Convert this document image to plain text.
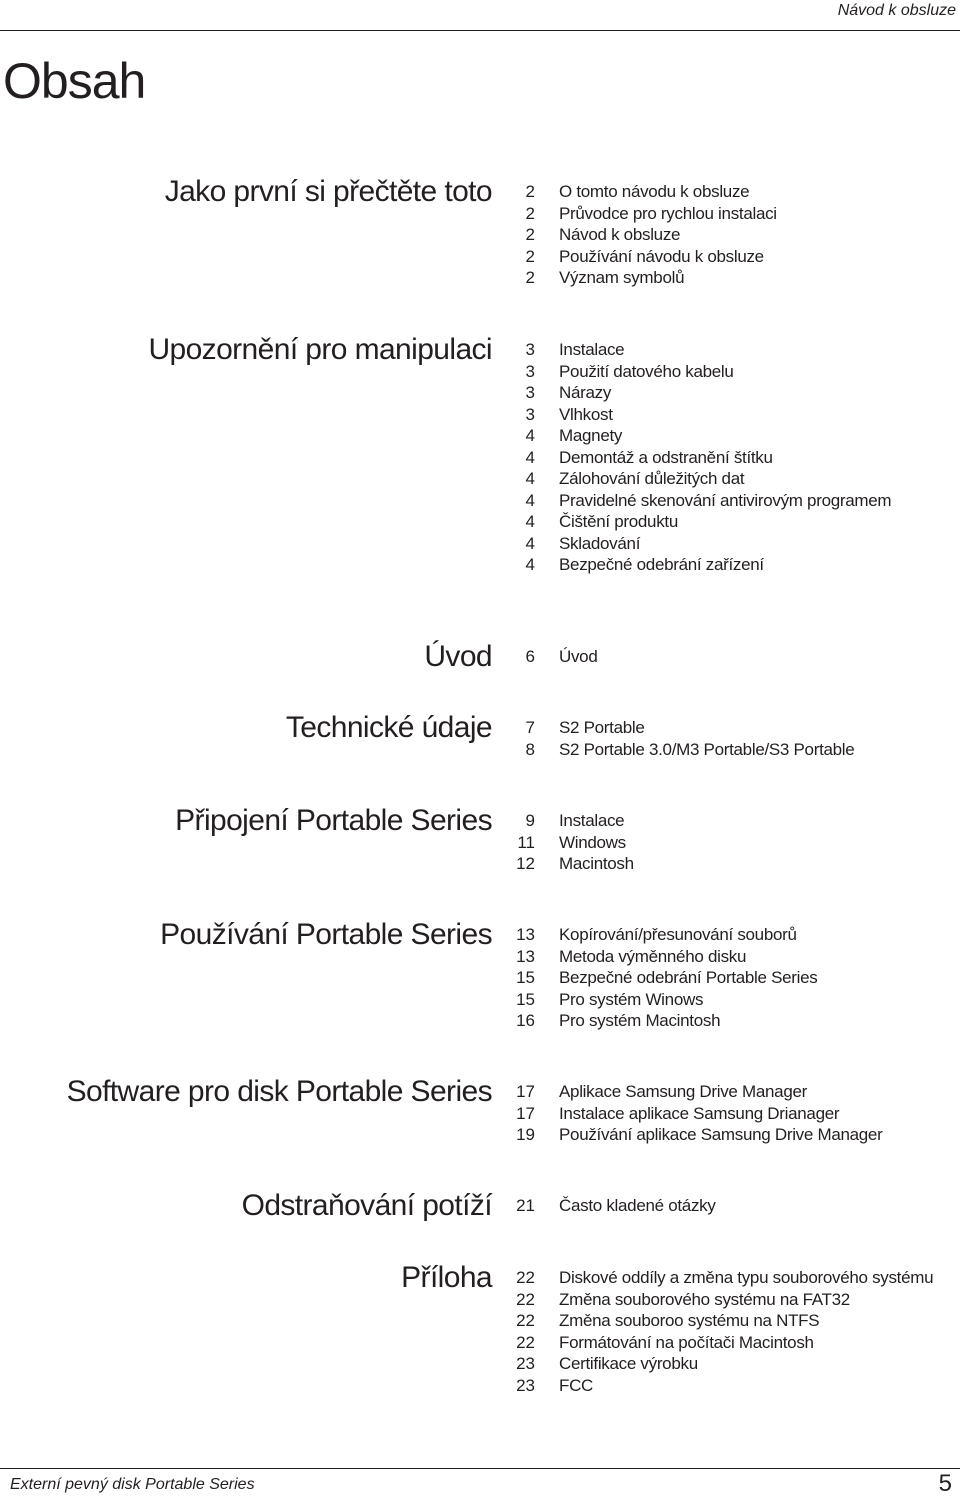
Návod k obsluze
Obsah
Jako první si přečtěte toto	2 O tomto návodu k obsluze
2 Průvodce pro rychlou instalaci
2 Návod k obsluze
2 Používání návodu k obsluze
2 Význam symbolů
Upozornění pro manipulaci	3 Instalace
3 Použití datového kabelu
3 Nárazy
3 Vlhkost
4 Magnety
4 Demontáž a odstranění štítku
4 Zálohování důležitých dat
4 Pravidelné skenování antivirovým programem
4 Čištění produktu
4 Skladování
4 Bezpečné odebrání zařízení
Úvod	6 Úvod
Technické údaje	7 S2 Portable
8 S2 Portable 3.0/M3 Portable/S3 Portable
Připojení Portable Series	9 Instalace
11 Windows
12 Macintosh
Používání Portable Series	13 Kopírování/přesunování souborů
13 Metoda výměnného disku
15 Bezpečné odebrání Portable Series
15 Pro systém Winows
16 Pro systém Macintosh
Software pro disk Portable Series	17 Aplikace Samsung Drive Manager
17 Instalace aplikace Samsung Drianager
19 Používání aplikace Samsung Drive Manager
Odstraňování potíží	21 Často kladené otázky
Příloha	22 Diskové oddíly a změna typu souborového systému
22 Změna souborového systému na FAT32
22 Změna souboroo systému na NTFS
22 Formátování na počítači Macintosh
23 Certifikace výrobku
23 FCC
Externí pevný disk Portable Series	5
